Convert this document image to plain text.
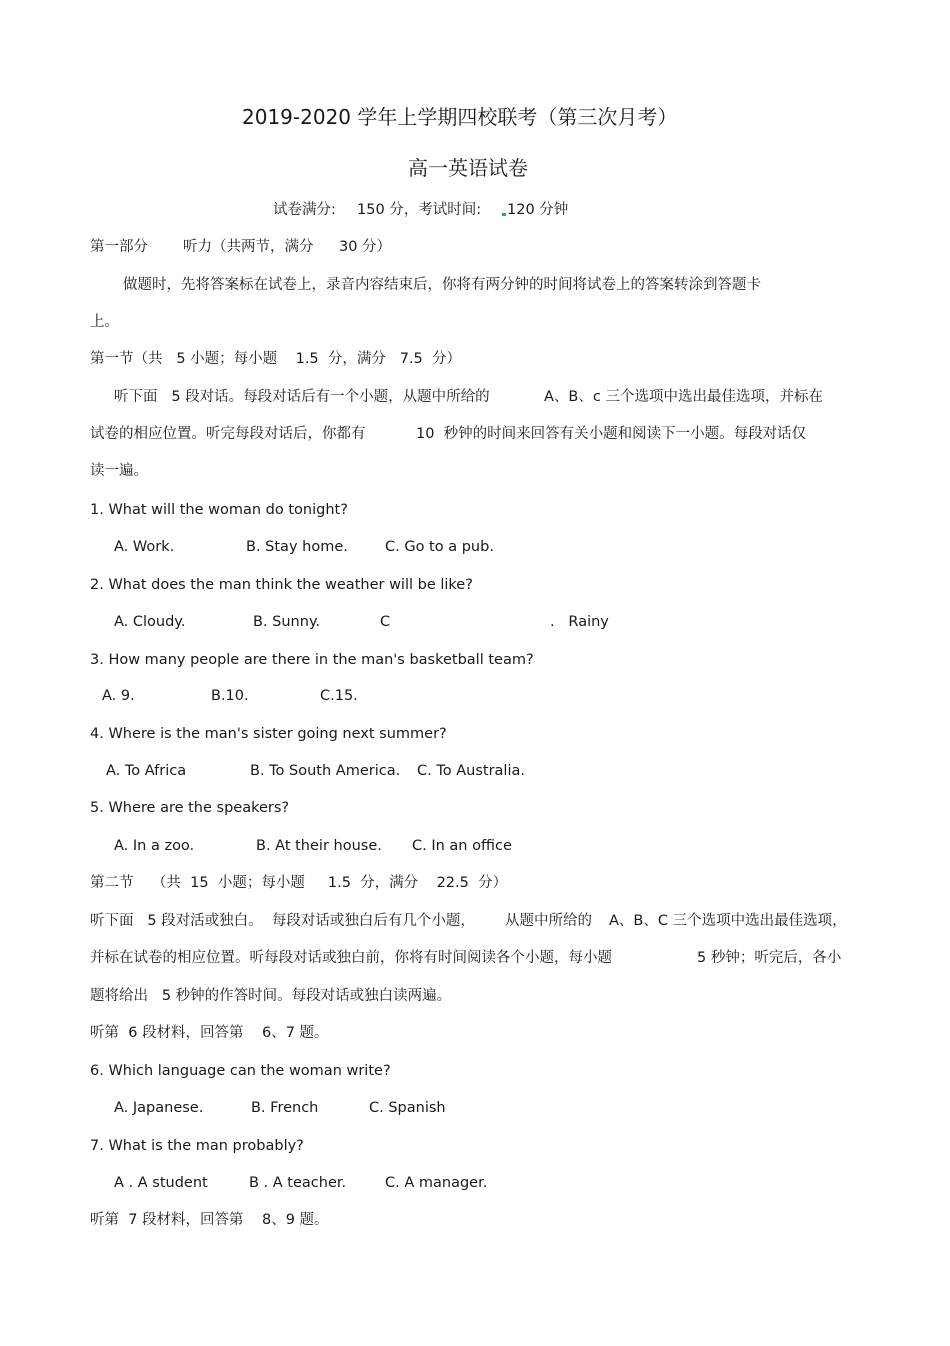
2019-2020 学年上学期四校联考（第三次月考）
高一英语试卷
试卷满分: 150 分，考试时间:	120 分钟
第一部分 听力（共两节，满分 30 分）
做题时，先将答案标在试卷上，录音内容结束后，你将有两分钟的时间将试卷上的答案转涂到答题卡
上。
第一节（共   5 小题；每小题    1.5  分，满分   7.5  分）
听下面   5 段对话。每段对话后有一个小题，从题中所给的	A、B、c 三个选项中选出最佳选项，并标在
试卷的相应位置。听完每段对话后，你都有	10  秒钟的时间来回答有关小题和阅读下一小题。每段对话仅
读一遍。
1. What will the woman do tonight?
A. Work.	B. Stay home.	C. Go to a pub.
2. What does the man think the weather will be like?
A. Cloudy.	B. Sunny.	C	.   Rainy
3. How many people are there in the man's basketball team?
A. 9.	B.10.	C.15.
4. Where is the man's sister going next summer?
A. To Africa	B. To South America. C. To Australia.
5. Where are the speakers?
A. In a zoo.	B. At their house. C. In an office
第二节    （共  15  小题；每小题     1.5  分，满分    22.5  分）
听下面   5 段对活或独白。  每段对话或独白后有几个小题， 从题中所给的 A、B、C 三个选项中选出最佳选项，
并标在试卷的相应位置。听每段对话或独白前，你将有时间阅读各个小题，每小题	5 秒钟；听完后，各小
题将给出   5 秒钟的作答时间。每段对话或独白读两遍。
听第  6 段材料，回答第    6、7 题。
6. Which language can the woman write?
A. Japanese.	B. French	C. Spanish
7. What is the man probably?
A . A student	B . A teacher.	C. A manager.
听第  7 段材料，回答第    8、9 题。
